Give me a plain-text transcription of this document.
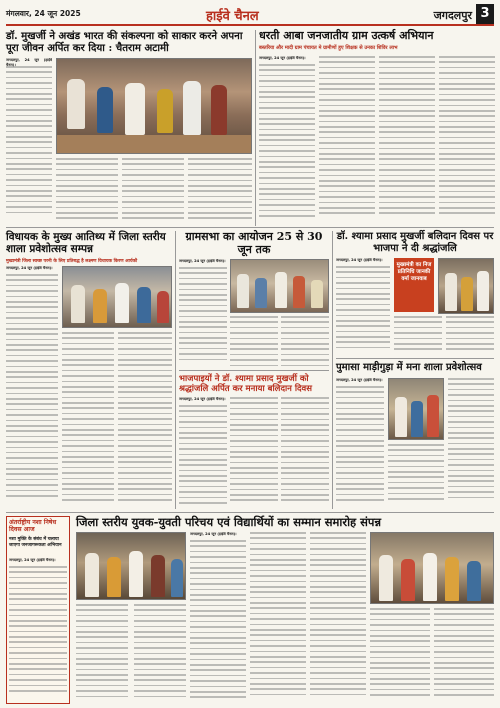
मंगलवार, 24 जून 2025	हाईवे चैनल	जगदलपुर 3
डॉ. मुखर्जी ने अखंड भारत की संकल्पना को साकार करने अपना पूरा जीवन अर्पित कर दिया : चैतराम अटामी
जगदलपुर, 24 जून (हाईवे
धरती आबा जनजातीय ग्राम उत्कर्ष अभियान
बस्तरिया और मादी ग्राम पंचायत मे ग्रामीणों हुए शिक्षक से उनका शिविर लाभ
जगदलपुर, 24 जून (हाईवे चैनल)।
विधायक के मुख्य आतिथ्य में जिला स्तरीय शाला प्रवेशोत्सव सम्पन्न
मुख्यमंत्री जिला स्वच्छ परनी के लिए प्रतिबद्ध है लक्ष्मण विधायक किरण आर्यकौ
जगदलपुर, 24 जून (हाईवे चैनल)।
ग्रामसभा का आयोजन 25 से 30 जून तक
जगदलपुर, 24 जून (हाईवे चैनल)।
भाजपाइयों ने डॉ. श्यामा प्रसाद मुखर्जी को श्रद्धांजलि अर्पित कर मनाया बलिदान दिवस
जगदलपुर, 24 जून (हाईवे चैनल)।
डॉ. श्यामा प्रसाद मुखर्जी बलिदान दिवस पर भाजपा ने दी श्रद्धांजलि
जगदलपुर, 24 जून (हाईवे चैनल)।
मुख्यमंत्री का निज प्रतिनिधि जानकी वर्मा जानवाब
पुमासा माड़ीगुड़ा में मना शाला प्रवेशोत्सव
जगदलपुर, 24 जून (हाईवे चैनल)।
अंतर्राष्ट्रीय नशा निषेध दिवस आज
नशा मुक्ति के संबंध में चलाया जाएगा जनजागरूकता अभियान
जगदलपुर, 24 जून (हाईवे चैनल)।
जिला स्तरीय युवक-युवती परिचय एवं विद्यार्थियों का सम्मान समारोह संपन्न
जगदलपुर, 24 जून (हाईवे चैनल)।
